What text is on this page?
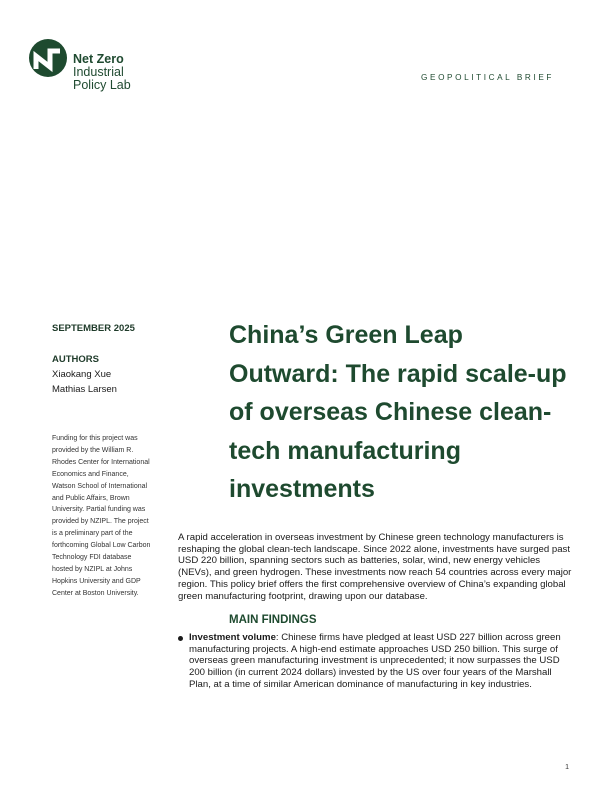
Net Zero
Industrial
Policy Lab
GEOPOLITICAL BRIEF
SEPTEMBER 2025
AUTHORS
Xiaokang Xue
Mathias Larsen
Funding for this project was provided by the William R. Rhodes Center for International Economics and Finance, Watson School of International and Public Affairs, Brown University. Partial funding was provided by NZIPL. The project is a preliminary part of the forthcoming Global Low Carbon Technology FDI database hosted by NZIPL at Johns Hopkins University and GDP Center at Boston University.
China’s Green Leap Outward: The rapid scale-up of overseas Chinese clean-tech manufacturing investments

A rapid acceleration in overseas investment by Chinese green technology manufacturers is reshaping the global clean-tech landscape. Since 2022 alone, investments have surged past USD 220 billion, spanning sectors such as batteries, solar, wind, new energy vehicles (NEVs), and green hydrogen. These investments now reach 54 countries across every major region. This policy brief offers the first comprehensive overview of China’s expanding global green manufacturing footprint, drawing upon our database.

MAIN FINDINGS
Investment volume: Chinese firms have pledged at least USD 227 billion across green manufacturing projects. A high-end estimate approaches USD 250 billion. This surge of overseas green manufacturing investment is unprecedented; it now surpasses the USD 200 billion (in current 2024 dollars) invested by the US over four years of the Marshall Plan, at a time of similar American dominance of manufacturing in key industries.
1
